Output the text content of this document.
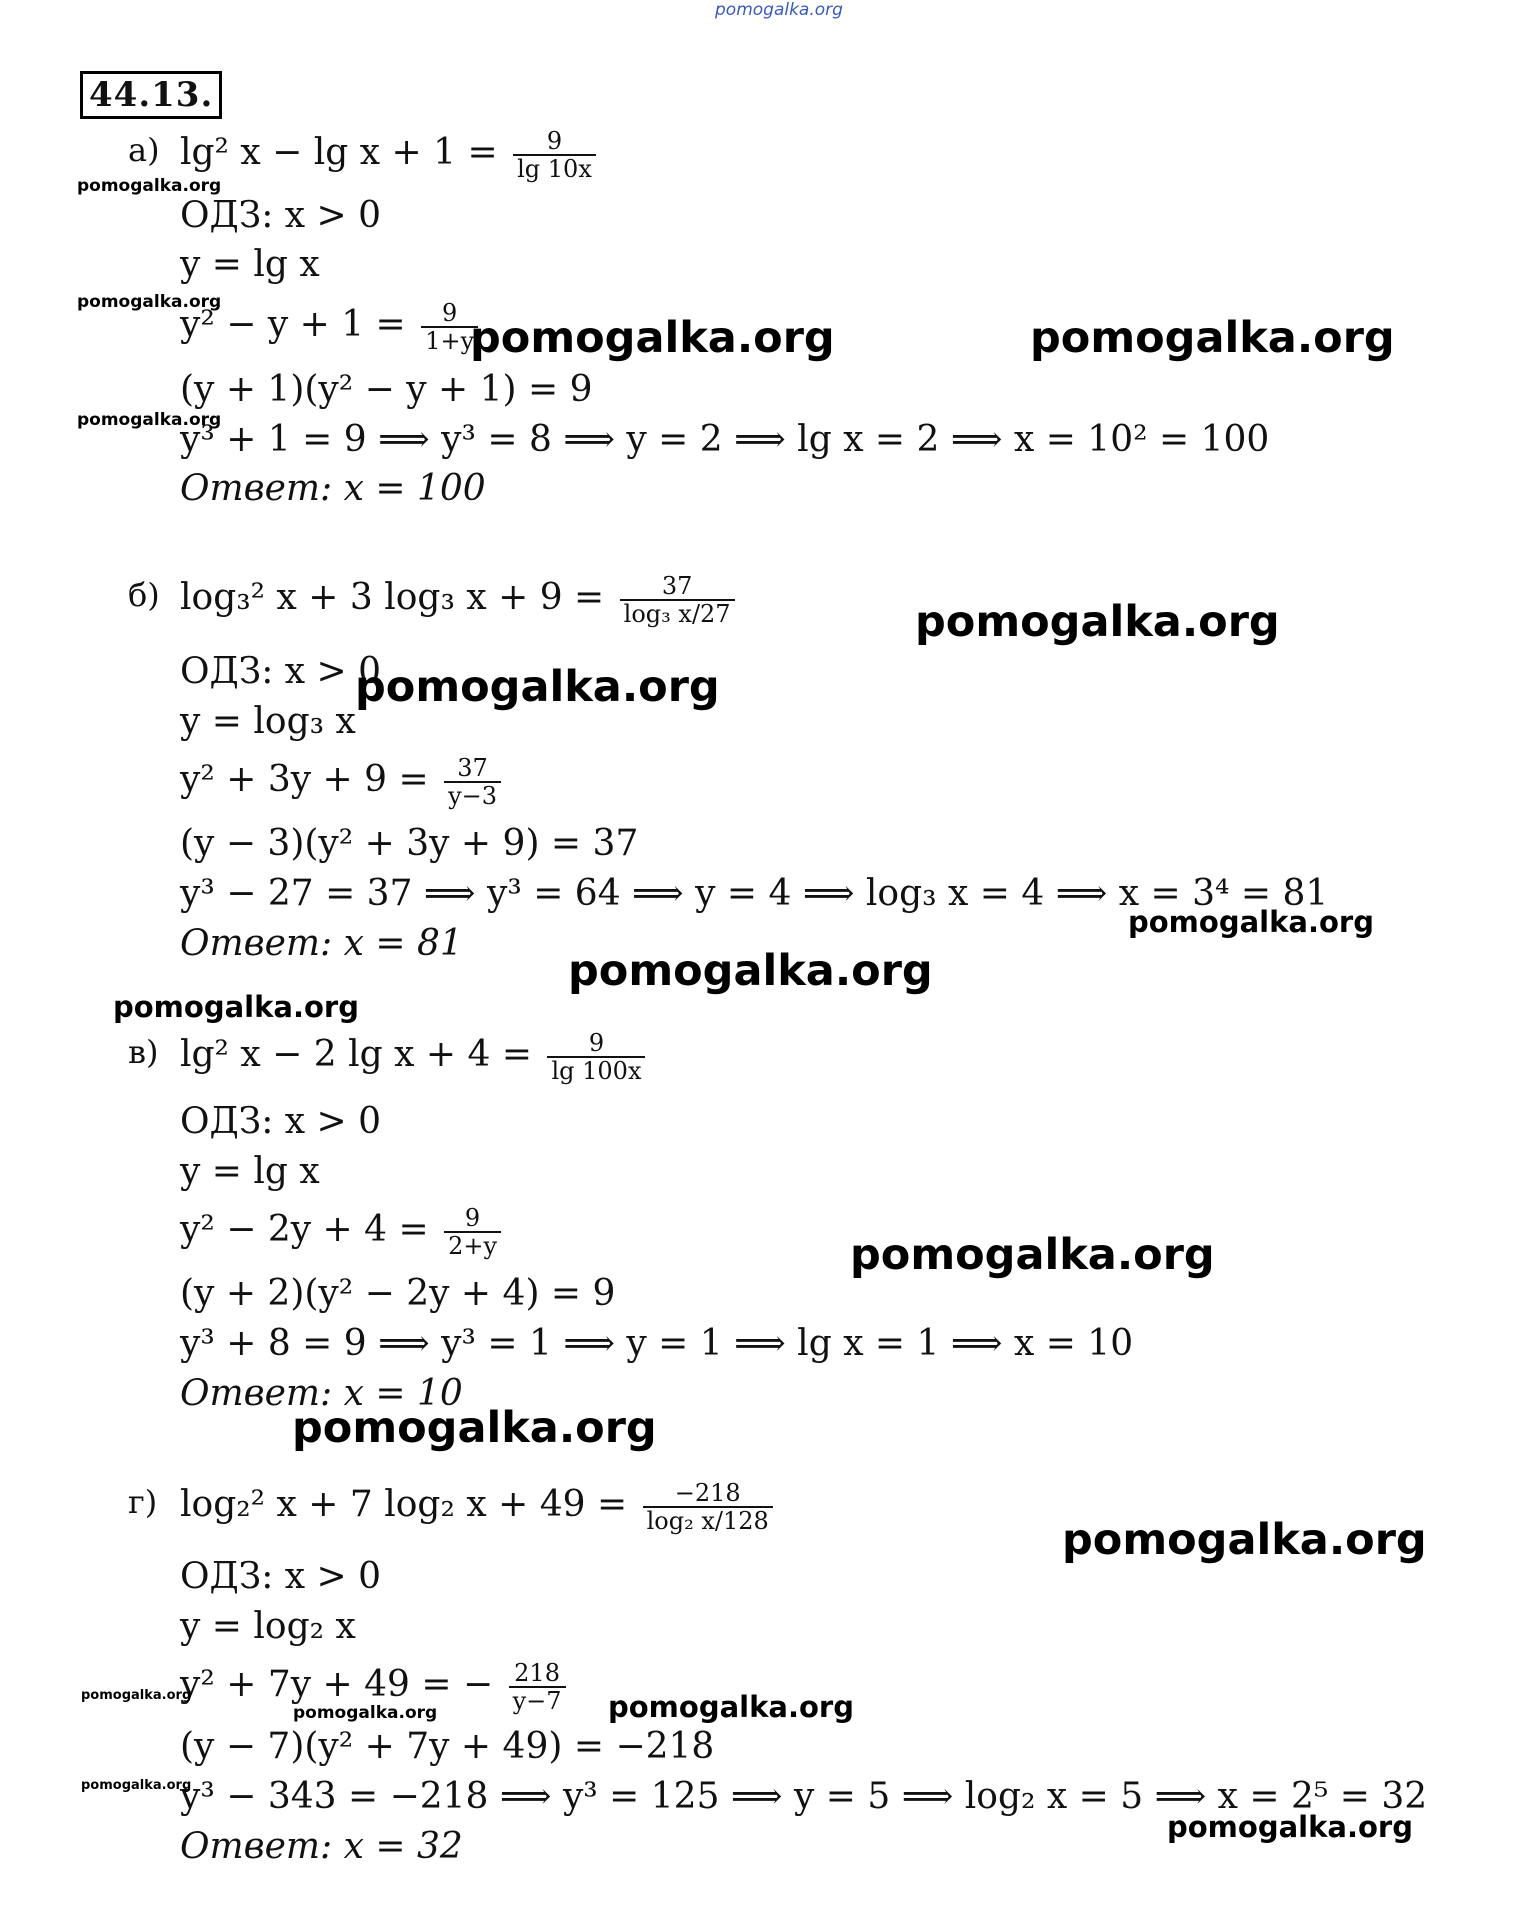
pomogalka.org
44.13.
а) lg² $x - \lg x + 1 = \frac{9}{\lg 10x}$
ОДЗ: x > 0
y = lg x
$y^2 - y + 1 = \frac{9}{1+y}$
(y + 1)(y² − y + 1) = 9
y³ + 1 = 9 ⟹ y³ = 8 ⟹ y = 2 ⟹ lg x = 2 ⟹ x = 10² = 100
Ответ: x = 100
б) log₃² x + 3 log₃ $x + 9 = \frac{37}{\text{log₃ x/27}}$
ОДЗ: x > 0
y = log₃ x
$y^2 + 3y + 9 = \frac{37}{y-3}$
(y − 3)(y² + 3y + 9) = 37
y³ − 27 = 37 ⟹ y³ = 64 ⟹ y = 4 ⟹ log₃ x = 4 ⟹ x = 3⁴ = 81
Ответ: x = 81
в) lg² x − 2 $\lg x + 4 = \frac{9}{\lg 100x}$
ОДЗ: x > 0
y = lg x
$y^2 - 2y + 4 = \frac{9}{2+y}$
(y + 2)(y² − 2y + 4) = 9
y³ + 8 = 9 ⟹ y³ = 1 ⟹ y = 1 ⟹ lg x = 1 ⟹ x = 10
Ответ: x = 10
г) log₂² x + 7 log₂ $x + 49 = \frac{-218}{\text{log₂ x/128}}$
ОДЗ: x > 0
y = log₂ x
y² + 7y + 49 = − $\frac{218}{y-7}$
(y − 7)(y² + 7y + 49) = −218
y³ − 343 = −218 ⟹ y³ = 125 ⟹ y = 5 ⟹ log₂ x = 5 ⟹ x = 2⁵ = 32
Ответ: x = 32
pomogalka.org
pomogalka.org
pomogalka.org
pomogalka.org	pomogalka.org
pomogalka.org
pomogalka.org
pomogalka.org
pomogalka.org
pomogalka.org
pomogalka.org
pomogalka.org
pomogalka.org
pomogalka.org
pomogalka.org
pomogalka.org
pomogalka.org
pomogalka.org
